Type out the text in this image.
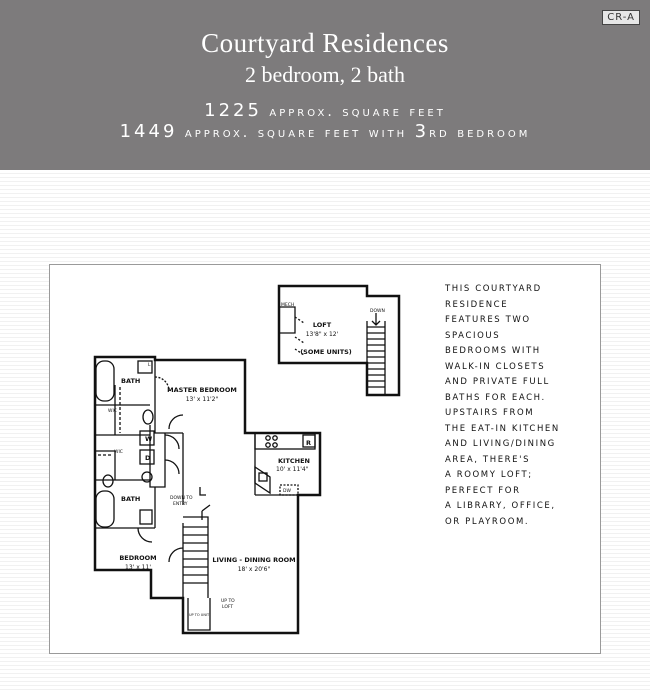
CR-A
Courtyard Residences
2 bedroom, 2 bath
1225 approx. square feet
1449 approx. square feet with 3rd bedroom
LOFT
13'8" x 12'
(SOME UNITS)
MECH
DOWN
MASTER BEDROOM
13' x 11'2"
BATH
BATH
WIC
WIC
L
W
D	KITCHEN
10' x 11'4"
R
DW
BEDROOM
13' x 11'
LIVING - DINING ROOM
18' x 20'6"
DOWN TO
ENTRY
UP TO
LOFT
UP TO UNIT
THIS COURTYARD
RESIDENCE
FEATURES TWO
SPACIOUS
BEDROOMS WITH
WALK-IN CLOSETS
AND PRIVATE FULL
BATHS FOR EACH.
UPSTAIRS FROM
THE EAT-IN KITCHEN
AND LIVING/DINING
AREA, THERE'S
A ROOMY LOFT;
PERFECT FOR
A LIBRARY, OFFICE,
OR PLAYROOM.
